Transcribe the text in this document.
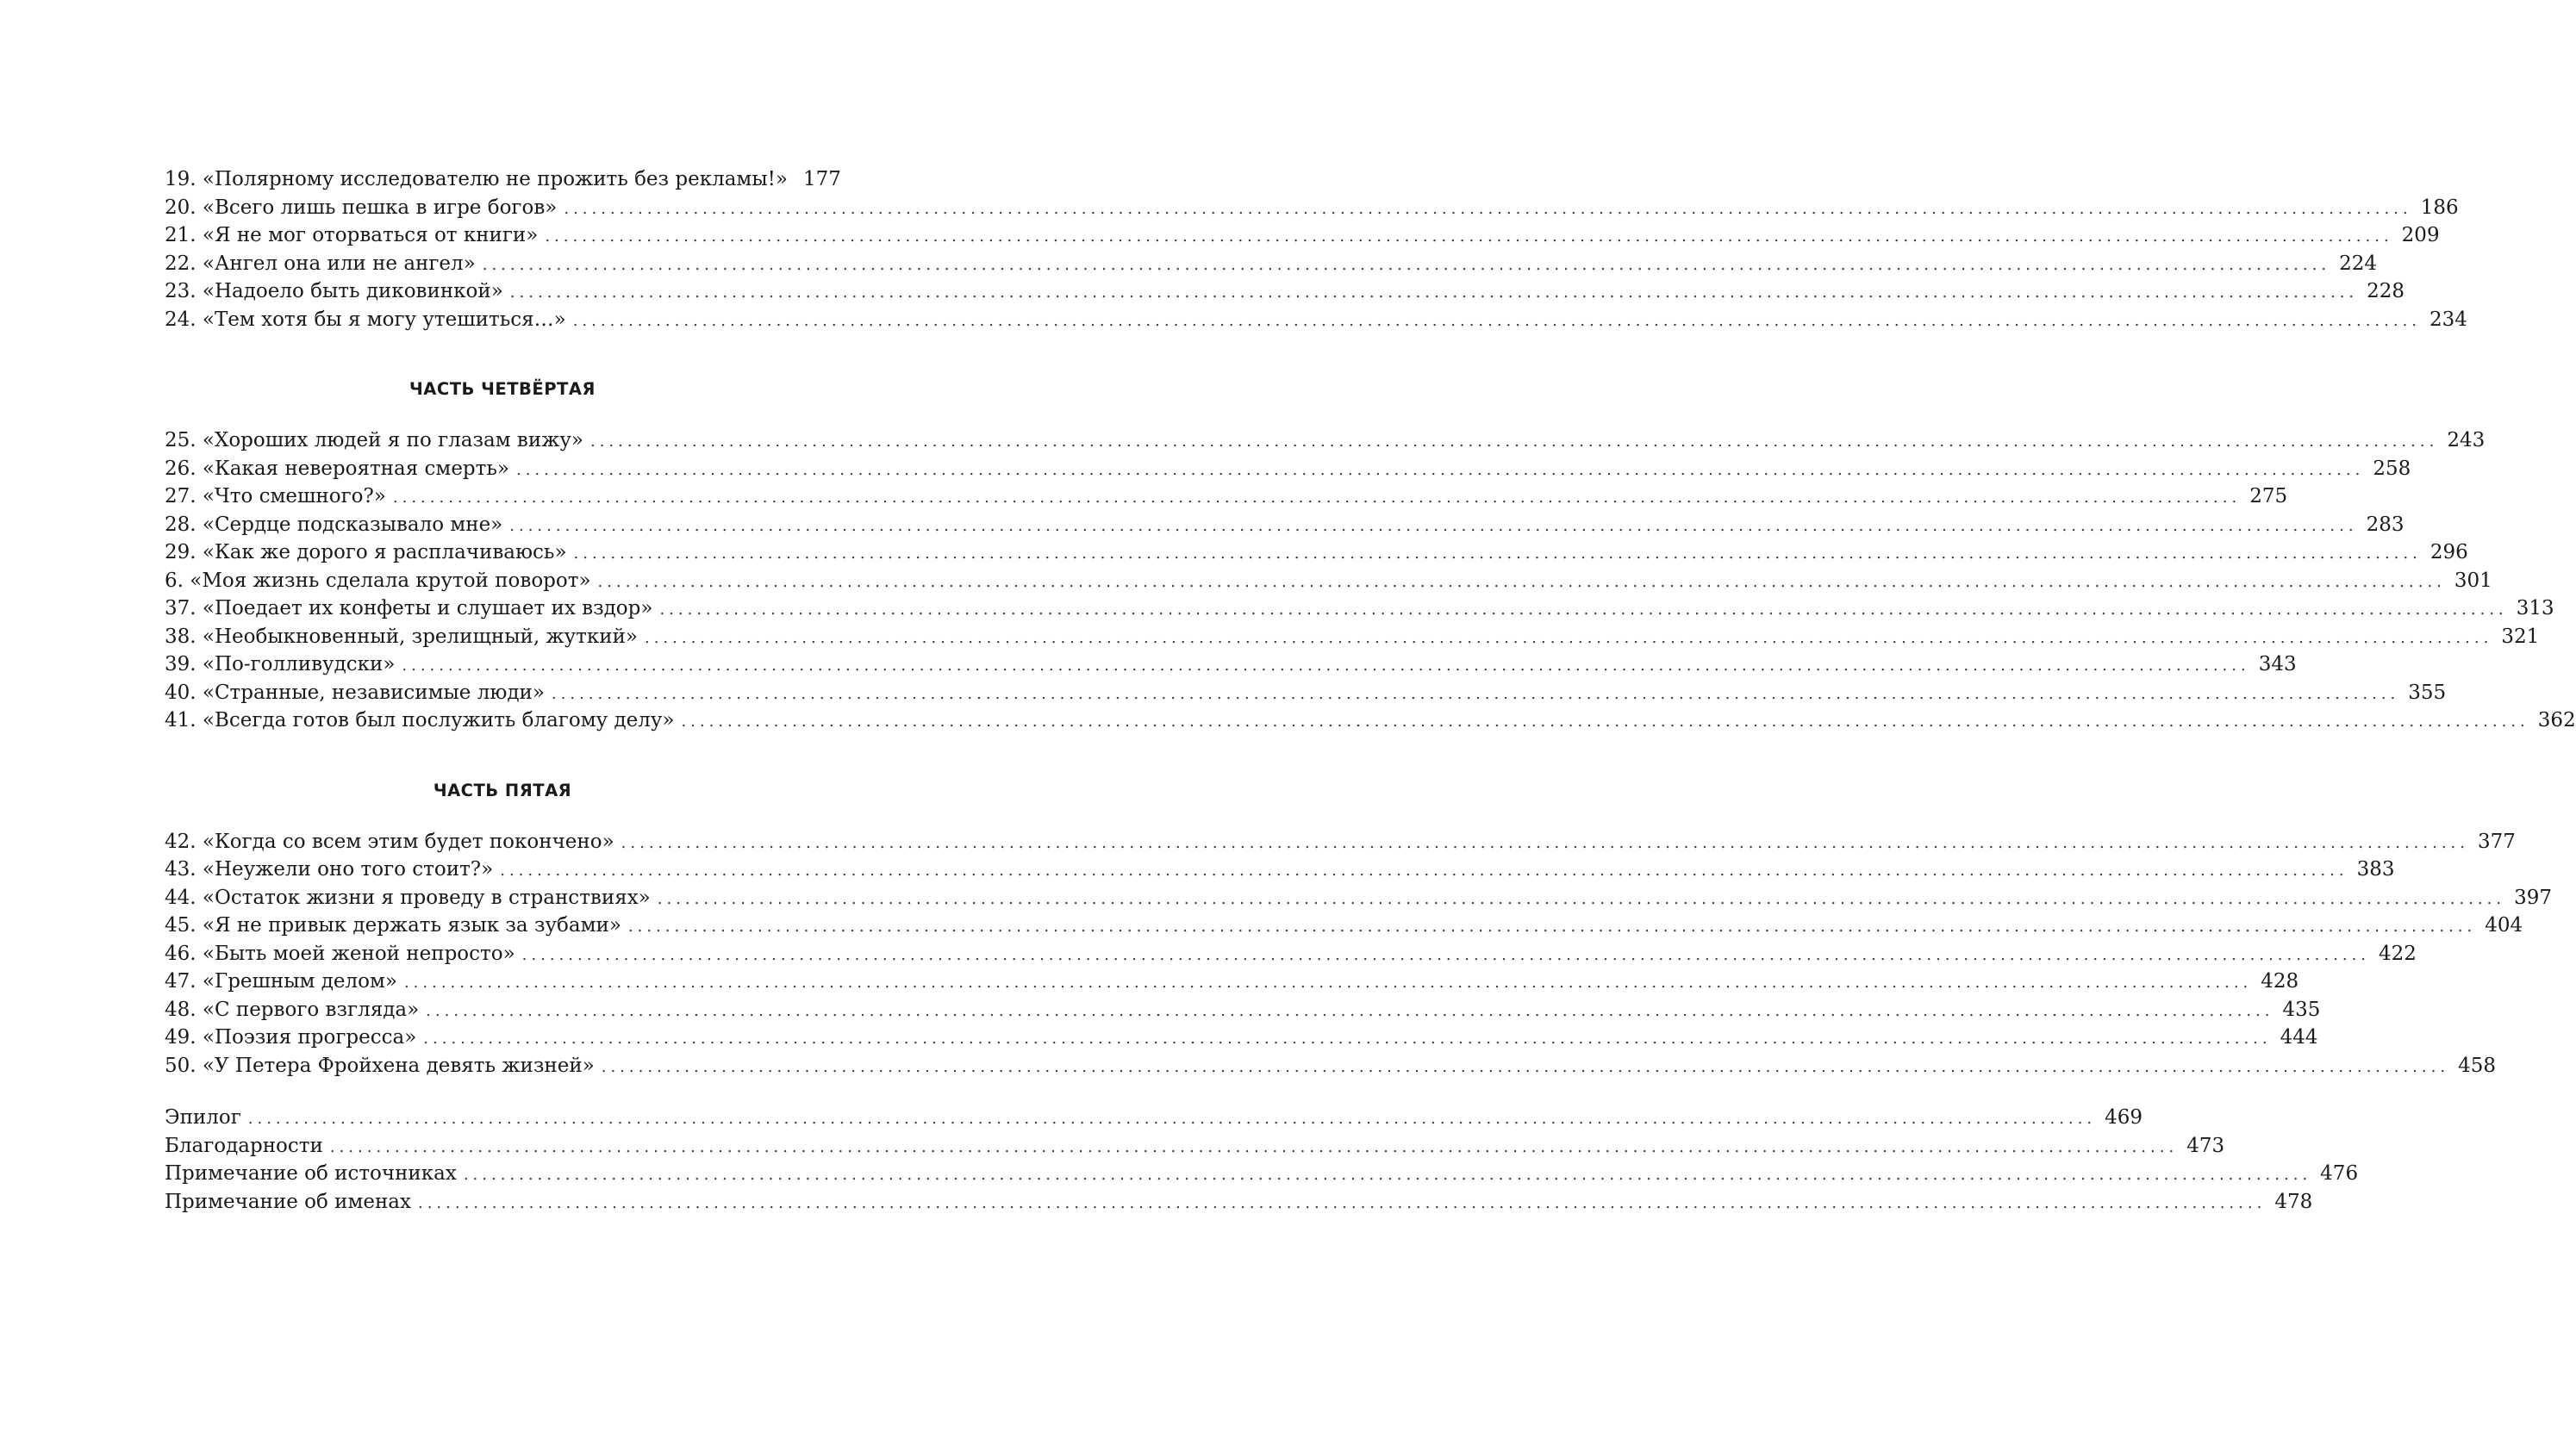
19. «Полярному исследователю не прожить без рекламы!» 177
20. «Всего лишь пешка в игре богов» ........................................................................................................................................................................................................ 186
21. «Я не мог оторваться от книги» ........................................................................................................................................................................................................ 209
22. «Ангел она или не ангел» ........................................................................................................................................................................................................ 224
23. «Надоело быть диковинкой» ........................................................................................................................................................................................................ 228
24. «Тем хотя бы я могу утешиться…» ........................................................................................................................................................................................................ 234
ЧАСТЬ ЧЕТВЁРТАЯ
25. «Хороших людей я по глазам вижу» ........................................................................................................................................................................................................ 243
26. «Какая невероятная смерть» ........................................................................................................................................................................................................ 258
27. «Что смешного?» ........................................................................................................................................................................................................ 275
28. «Сердце подсказывало мне» ........................................................................................................................................................................................................ 283
29. «Как же дорого я расплачиваюсь» ........................................................................................................................................................................................................ 296
6. «Моя жизнь сделала крутой поворот» ........................................................................................................................................................................................................ 301
37. «Поедает их конфеты и слушает их вздор» ........................................................................................................................................................................................................ 313
38. «Необыкновенный, зрелищный, жуткий» ........................................................................................................................................................................................................ 321
39. «По-голливудски» ........................................................................................................................................................................................................ 343
40. «Странные, независимые люди» ........................................................................................................................................................................................................ 355
41. «Всегда готов был послужить благому делу» ........................................................................................................................................................................................................ 362
ЧАСТЬ ПЯТАЯ
42. «Когда со всем этим будет покончено» ........................................................................................................................................................................................................ 377
43. «Неужели оно того стоит?» ........................................................................................................................................................................................................ 383
44. «Остаток жизни я проведу в странствиях» ........................................................................................................................................................................................................ 397
45. «Я не привык держать язык за зубами» ........................................................................................................................................................................................................ 404
46. «Быть моей женой непросто» ........................................................................................................................................................................................................ 422
47. «Грешным делом» ........................................................................................................................................................................................................ 428
48. «С первого взгляда» ........................................................................................................................................................................................................ 435
49. «Поэзия прогресса» ........................................................................................................................................................................................................ 444
50. «У Петера Фройхена девять жизней» ........................................................................................................................................................................................................ 458
Эпилог ........................................................................................................................................................................................................ 469
Благодарности ........................................................................................................................................................................................................ 473
Примечание об источниках ........................................................................................................................................................................................................ 476
Примечание об именах ........................................................................................................................................................................................................ 478
